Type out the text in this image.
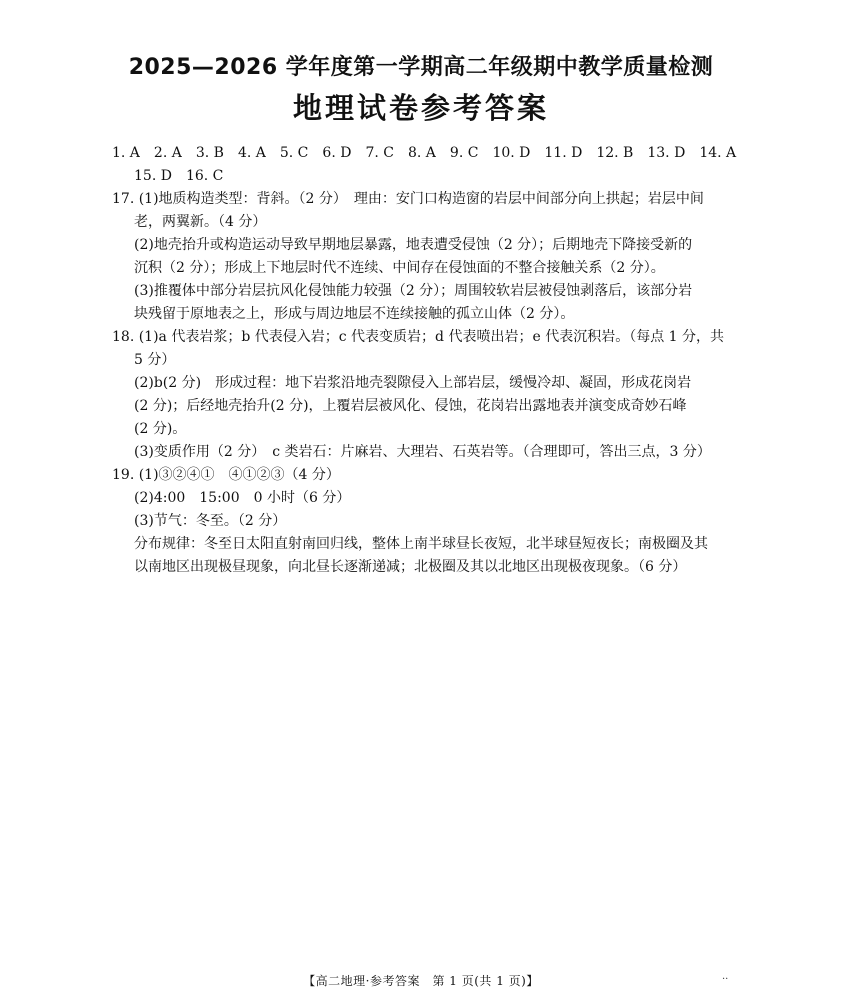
2025—2026 学年度第一学期高二年级期中教学质量检测
地理试卷参考答案
1. A 2. A 3. B 4. A 5. C 6. D 7. C 8. A 9. C 10. D 11. D 12. B 13. D 14. A
15. D 16. C
17. (1)地质构造类型：背斜。（2 分）　理由：安门口构造窗的岩层中间部分向上拱起；岩层中间
老，两翼新。（4 分）
(2)地壳抬升或构造运动导致早期地层暴露，地表遭受侵蚀（2 分）；后期地壳下降接受新的
沉积（2 分）；形成上下地层时代不连续、中间存在侵蚀面的不整合接触关系（2 分）。
(3)推覆体中部分岩层抗风化侵蚀能力较强（2 分）；周围较软岩层被侵蚀剥落后，该部分岩
块残留于原地表之上，形成与周边地层不连续接触的孤立山体（2 分）。
18. (1)a 代表岩浆；b 代表侵入岩；c 代表变质岩；d 代表喷出岩；e 代表沉积岩。（每点 1 分，共
5 分）
(2)b(2 分)　形成过程：地下岩浆沿地壳裂隙侵入上部岩层，缓慢冷却、凝固，形成花岗岩
(2 分)；后经地壳抬升(2 分)，上覆岩层被风化、侵蚀，花岗岩出露地表并演变成奇妙石峰
(2 分)。
(3)变质作用（2 分）　c 类岩石：片麻岩、大理岩、石英岩等。（合理即可，答出三点，3 分）
19. (1)③②④①　④①②③（4 分）
(2)4:00　15:00　0 小时（6 分）
(3)节气：冬至。（2 分）
分布规律：冬至日太阳直射南回归线，整体上南半球昼长夜短，北半球昼短夜长；南极圈及其
以南地区出现极昼现象，向北昼长逐渐递减；北极圈及其以北地区出现极夜现象。（6 分）
【高二地理·参考答案　第 1 页(共 1 页)】	··
